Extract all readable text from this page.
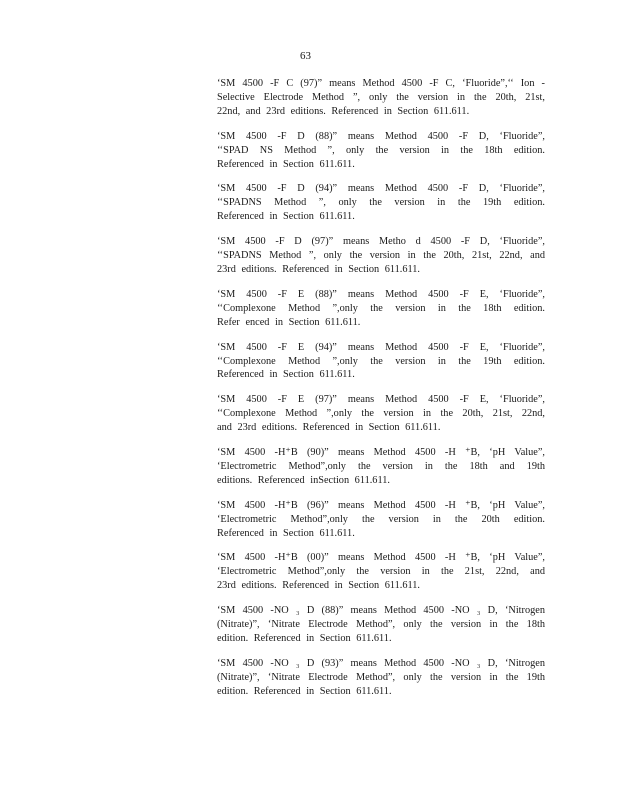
63
‘SM 4500 -F C (97)” means Method 4500 -F C, ‘Fluoride”,‘‘ Ion -
Selective Electrode Method ”, only the version in the 20th, 21st,
22nd, and 23rd editions. Referenced in Section 611.611.
‘SM 4500 -F D (88)” means Method 4500 -F D, ‘Fluoride”,
‘‘SPAD NS Method ”, only the version in the 18th edition.
Referenced in Section 611.611.
‘SM 4500 -F D (94)” means Method 4500 -F D, ‘Fluoride”,
‘‘SPADNS Method ”, only the version in the 19th edition.
Referenced in Section 611.611.
‘SM 4500 -F D (97)” means Metho d 4500 -F D, ‘Fluoride”,
‘‘SPADNS Method ”, only the version in the 20th, 21st, 22nd, and
23rd editions. Referenced in Section 611.611.
‘SM 4500 -F E (88)” means Method 4500 -F E, ‘Fluoride”,
‘‘Complexone Method ”,only the version in the 18th edition.
Refer enced in Section 611.611.
‘SM 4500 -F E (94)” means Method 4500 -F E, ‘Fluoride”,
‘‘Complexone Method ”,only the version in the 19th edition.
Referenced in Section 611.611.
‘SM 4500 -F E (97)” means Method 4500 -F E, ‘Fluoride”,
‘‘Complexone Method ”,only the version in the 20th, 21st, 22nd,
and 23rd editions. Referenced in Section 611.611.
‘SM 4500 -H⁺B (90)” means Method 4500 -H ⁺B, ‘pH Value”,
‘Electrometric Method”,only the version in the 18th and 19th
editions. Referenced inSection 611.611.
‘SM 4500 -H⁺B (96)” means Method 4500 -H ⁺B, ‘pH Value”,
‘Electrometric Method”,only the version in the 20th edition.
Referenced in Section 611.611.
‘SM 4500 -H⁺B (00)” means Method 4500 -H ⁺B, ‘pH Value”,
‘Electrometric Method”,only the version in the 21st, 22nd, and
23rd editions. Referenced in Section 611.611.
‘SM 4500 -NO ₃ D (88)” means Method 4500 -NO ₃ D, ‘Nitrogen
(Nitrate)”, ‘Nitrate Electrode Method”, only the version in the 18th
edition. Referenced in Section 611.611.
‘SM 4500 -NO ₃ D (93)” means Method 4500 -NO ₃ D, ‘Nitrogen
(Nitrate)”, ‘Nitrate Electrode Method”, only the version in the 19th
edition. Referenced in Section 611.611.
